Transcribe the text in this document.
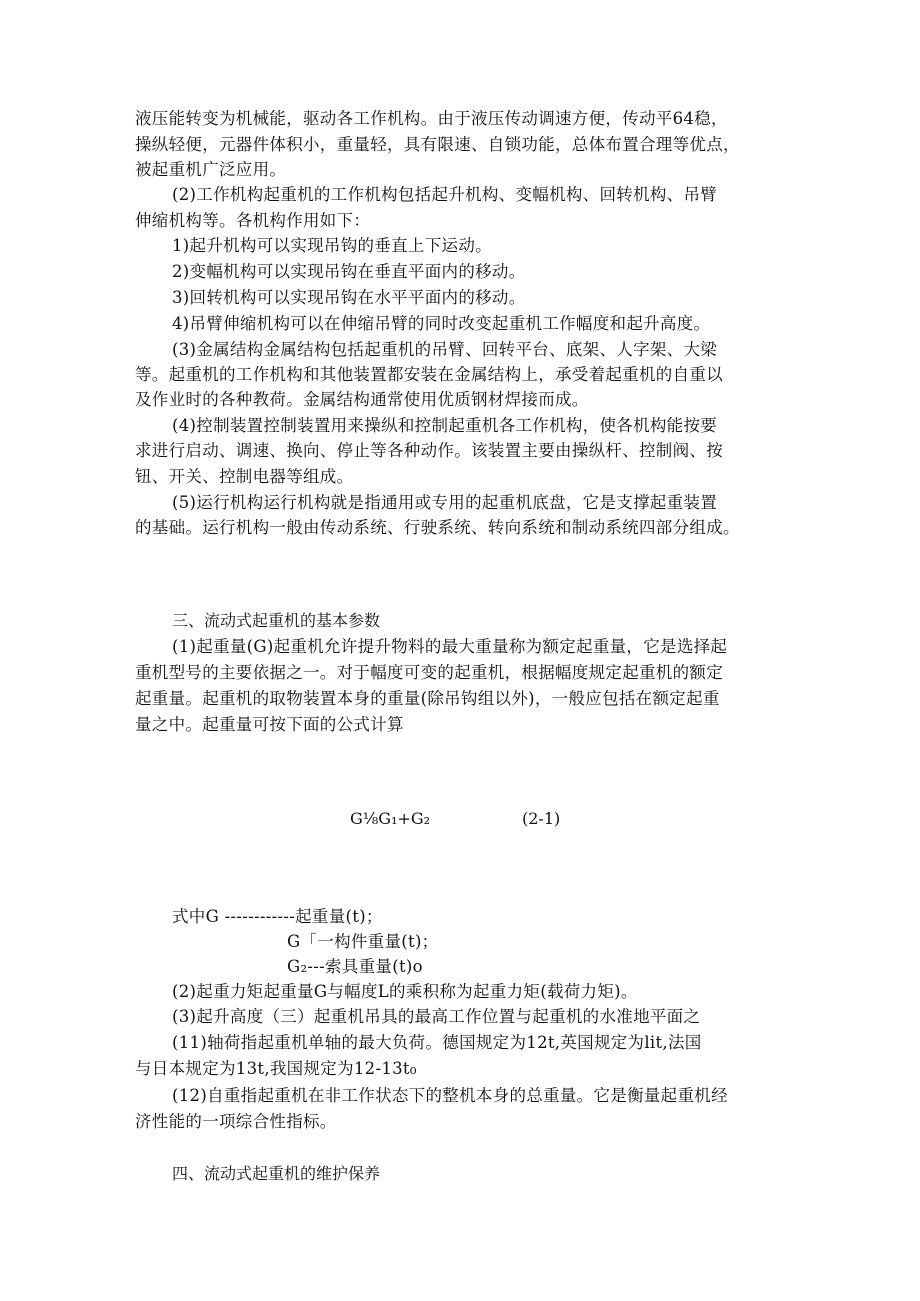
液压能转变为机械能，驱动各工作机构。由于液压传动调速方便，传动平64稳，
操纵轻便，元器件体积小，重量轻，具有限速、自锁功能，总体布置合理等优点，
被起重机广泛应用。
(2)工作机构起重机的工作机构包括起升机构、变幅机构、回转机构、吊臂
伸缩机构等。各机构作用如下：
1)起升机构可以实现吊钩的垂直上下运动。
2)变幅机构可以实现吊钩在垂直平面内的移动。
3)回转机构可以实现吊钩在水平平面内的移动。
4)吊臂伸缩机构可以在伸缩吊臂的同时改变起重机工作幅度和起升高度。
(3)金属结构金属结构包括起重机的吊臂、回转平台、底架、人字架、大梁
等。起重机的工作机构和其他装置都安装在金属结构上，承受着起重机的自重以
及作业时的各种教荷。金属结构通常使用优质钢材焊接而成。
(4)控制装置控制装置用来操纵和控制起重机各工作机构，使各机构能按要
求进行启动、调速、换向、停止等各种动作。该装置主要由操纵杆、控制阀、按
钮、开关、控制电器等组成。
(5)运行机构运行机构就是指通用或专用的起重机底盘，它是支撑起重装置
的基础。运行机构一般由传动系统、行驶系统、转向系统和制动系统四部分组成。
三、流动式起重机的基本参数
(1)起重量(G)起重机允许提升物料的最大重量称为额定起重量，它是选择起
重机型号的主要依据之一。对于幅度可变的起重机，根据幅度规定起重机的额定
起重量。起重机的取物装置本身的重量(除吊钩组以外)，一般应包括在额定起重
量之中。起重量可按下面的公式计算
G⅛G₁+G₂	(2-1)
式中G ------------起重量(t)；
G「一构件重量(t)；
G₂---索具重量(t)o
(2)起重力矩起重量G与幅度L的乘积称为起重力矩(载荷力矩)。
(3)起升高度（三）起重机吊具的最高工作位置与起重机的水准地平面之
(11)轴荷指起重机单轴的最大负荷。德国规定为12t,英国规定为lit,法国
与日本规定为13t,我国规定为12-13t₀
(12)自重指起重机在非工作状态下的整机本身的总重量。它是衡量起重机经
济性能的一项综合性指标。
四、流动式起重机的维护保养
